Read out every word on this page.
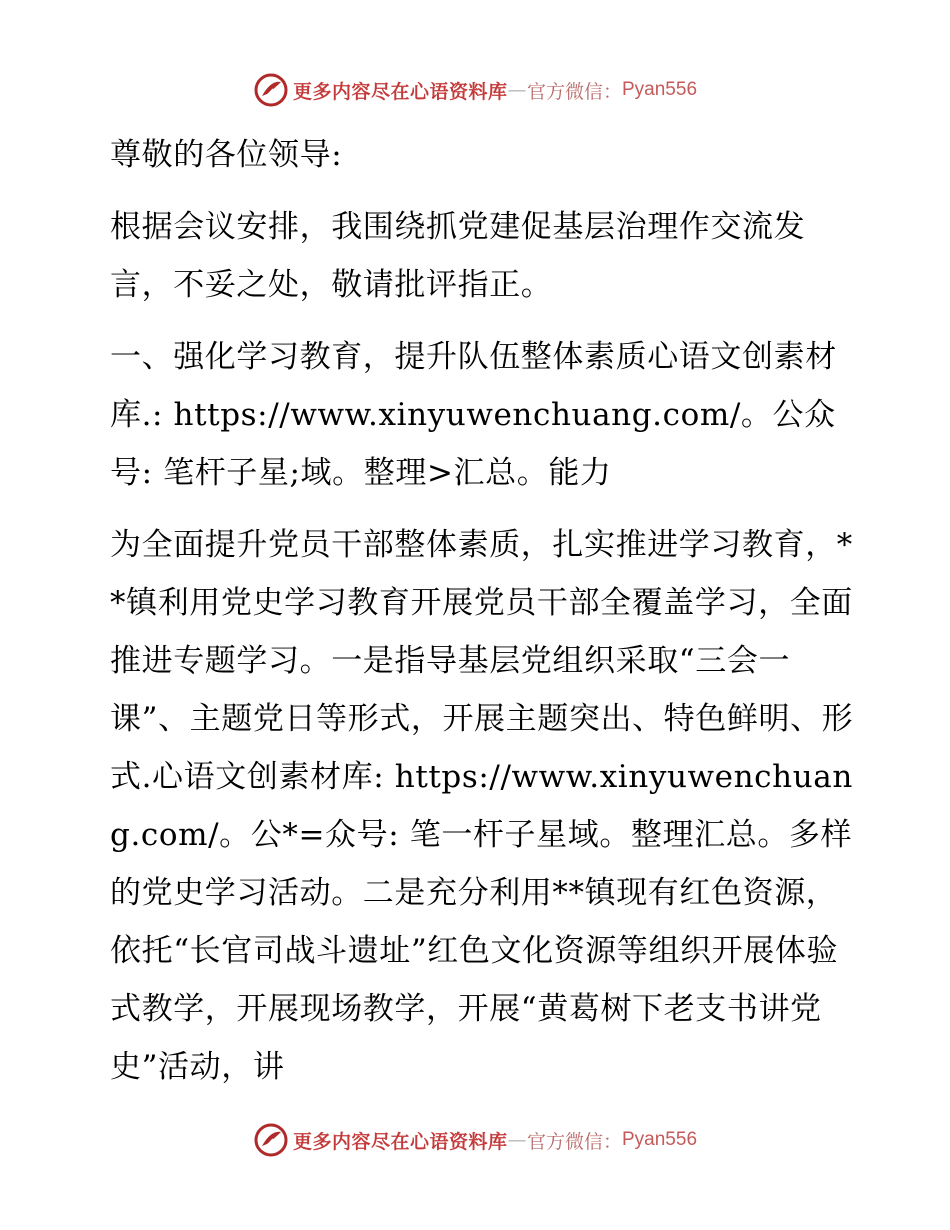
更多内容尽在心语资料库 — 官方微信： Pyan556

尊敬的各位领导:

根据会议安排，我围绕抓党建促基层治理作交流发言，不妥之处，敬请批评指正。

一、强化学习教育，提升队伍整体素质心语文创素材库.: https://www.xinyuwenchuang.com/。公众号: 笔杆子星;域。整理>汇总。能力

为全面提升党员干部整体素质，扎实推进学习教育，**镇利用党史学习教育开展党员干部全覆盖学习，全面推进专题学习。一是指导基层党组织采取“三会一课”、主题党日等形式，开展主题突出、特色鲜明、形式.心语文创素材库: https://www.xinyuwenchuang.com/。公*=众号: 笔一杆子星域。整理汇总。多样的党史学习活动。二是充分利用**镇现有红色资源，依托“长官司战斗遗址”红色文化资源等组织开展体验式教学，开展现场教学，开展“黄葛树下老支书讲党史”活动，讲

更多内容尽在心语资料库 — 官方微信： Pyan556
